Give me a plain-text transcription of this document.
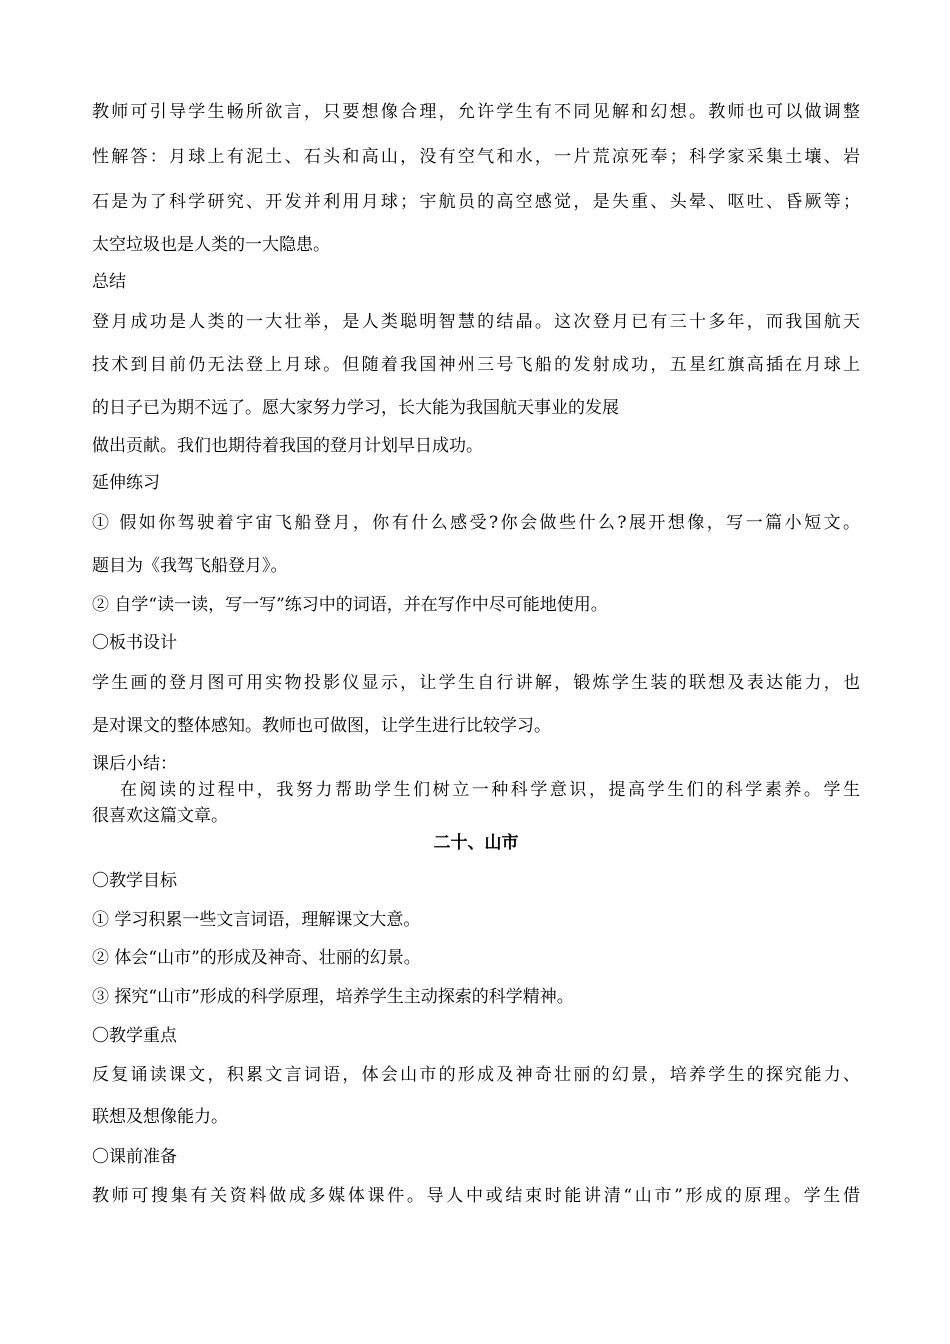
教师可引导学生畅所欲言，只要想像合理，允许学生有不同见解和幻想。教师也可以做调整
性解答：月球上有泥土、石头和高山，没有空气和水，一片荒凉死奉；科学家采集土壤、岩
石是为了科学研究、开发并利用月球；宇航员的高空感觉，是失重、头晕、呕吐、昏厥等；
太空垃圾也是人类的一大隐患。
总结
登月成功是人类的一大壮举，是人类聪明智慧的结晶。这次登月已有三十多年，而我国航天
技术到目前仍无法登上月球。但随着我国神州三号飞船的发射成功，五星红旗高插在月球上
的日子已为期不远了。愿大家努力学习，长大能为我国航天事业的发展
做出贡献。我们也期待着我国的登月计划早日成功。
延伸练习
① 假如你驾驶着宇宙飞船登月，你有什么感受?你会做些什么?展开想像，写一篇小短文。
题目为《我驾飞船登月》。
② 自学“读一读，写一写”练习中的词语，并在写作中尽可能地使用。
〇板书设计
学生画的登月图可用实物投影仪显示，让学生自行讲解，锻炼学生装的联想及表达能力，也
是对课文的整体感知。教师也可做图，让学生进行比较学习。
课后小结：
在阅读的过程中，我努力帮助学生们树立一种科学意识，提高学生们的科学素养。学生
很喜欢这篇文章。
二十、山市
〇教学目标
① 学习积累一些文言词语，理解课文大意。
② 体会“山市”的形成及神奇、壮丽的幻景。
③ 探究“山市”形成的科学原理，培养学生主动探索的科学精神。
〇教学重点
反复诵读课文，积累文言词语，体会山市的形成及神奇壮丽的幻景，培养学生的探究能力、
联想及想像能力。
〇课前准备
教师可搜集有关资料做成多媒体课件。导人中或结束时能讲清“山市”形成的原理。学生借
